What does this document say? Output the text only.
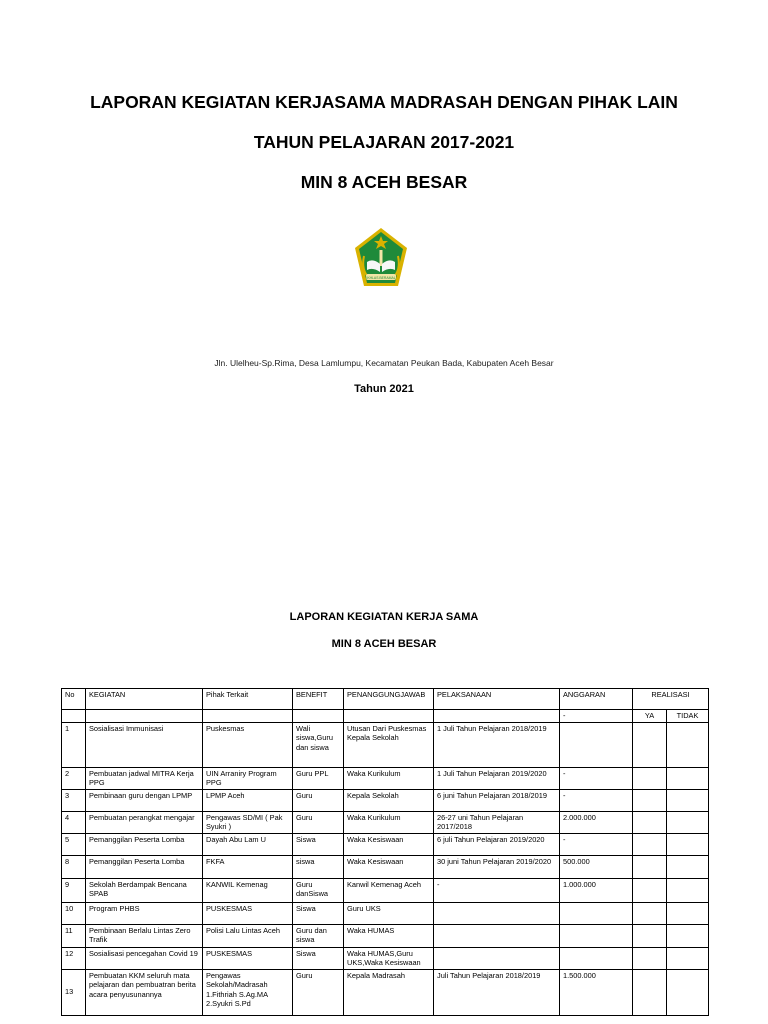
LAPORAN KEGIATAN KERJASAMA MADRASAH DENGAN PIHAK LAIN
TAHUN PELAJARAN 2017-2021
MIN 8 ACEH BESAR
IKHLAS BERAMAL
Jln. Ulelheu-Sp.Rima, Desa Lamlumpu, Kecamatan Peukan Bada, Kabupaten Aceh Besar
Tahun 2021
LAPORAN KEGIATAN KERJA SAMA
MIN 8 ACEH BESAR
No	KEGIATAN	Pihak Terkait	BENEFIT	PENANGGUNGJAWAB	PELAKSANAAN	ANGGARAN	REALISASI	
						-	YA	TIDAK
1	Sosialisasi Immunisasi	Puskesmas	Wali siswa,Guru dan siswa	Utusan Dari Puskesmas Kepala Sekolah	1 Juli Tahun Pelajaran 2018/2019			
2	Pembuatan jadwal MITRA Kerja PPG	UIN Arraniry Program PPG	Guru PPL	Waka Kurikulum	1 Juli Tahun Pelajaran 2019/2020	-		
3	Pembinaan guru dengan LPMP	LPMP Aceh	Guru	Kepala Sekolah	6 juni Tahun Pelajaran 2018/2019	-		
4	Pembuatan perangkat mengajar	Pengawas SD/MI ( Pak Syukri )	Guru	Waka Kurikulum	26-27 uni Tahun Pelajaran 2017/2018	2.000.000		
5	Pemanggilan Peserta Lomba	Dayah Abu Lam U	Siswa	Waka Kesiswaan	6 juli Tahun Pelajaran 2019/2020	-		
8	Pemanggilan Peserta Lomba	FKFA	siswa	Waka Kesiswaan	30 juni Tahun Pelajaran 2019/2020	500.000		
9	Sekolah Berdampak Bencana SPAB	KANWIL Kemenag	Guru danSiswa	Kanwil Kemenag Aceh	-	1.000.000		
10	Program PHBS	PUSKESMAS	Siswa	Guru UKS				
11	Pembinaan Berlalu Lintas Zero Trafik	Polisi Lalu Lintas Aceh	Guru dan siswa	Waka HUMAS				
12	Sosialisasi pencegahan Covid 19	PUSKESMAS	Siswa	Waka HUMAS,Guru UKS,Waka Kesiswaan				
13	Pembuatan KKM seluruh mata pelajaran dan pembuatran berita acara penyusunannya	Pengawas Sekolah/Madrasah 1.Fithriah S.Ag.MA 2.Syukri S.Pd	Guru	Kepala Madrasah	Juli Tahun Pelajaran 2018/2019	1.500.000		
